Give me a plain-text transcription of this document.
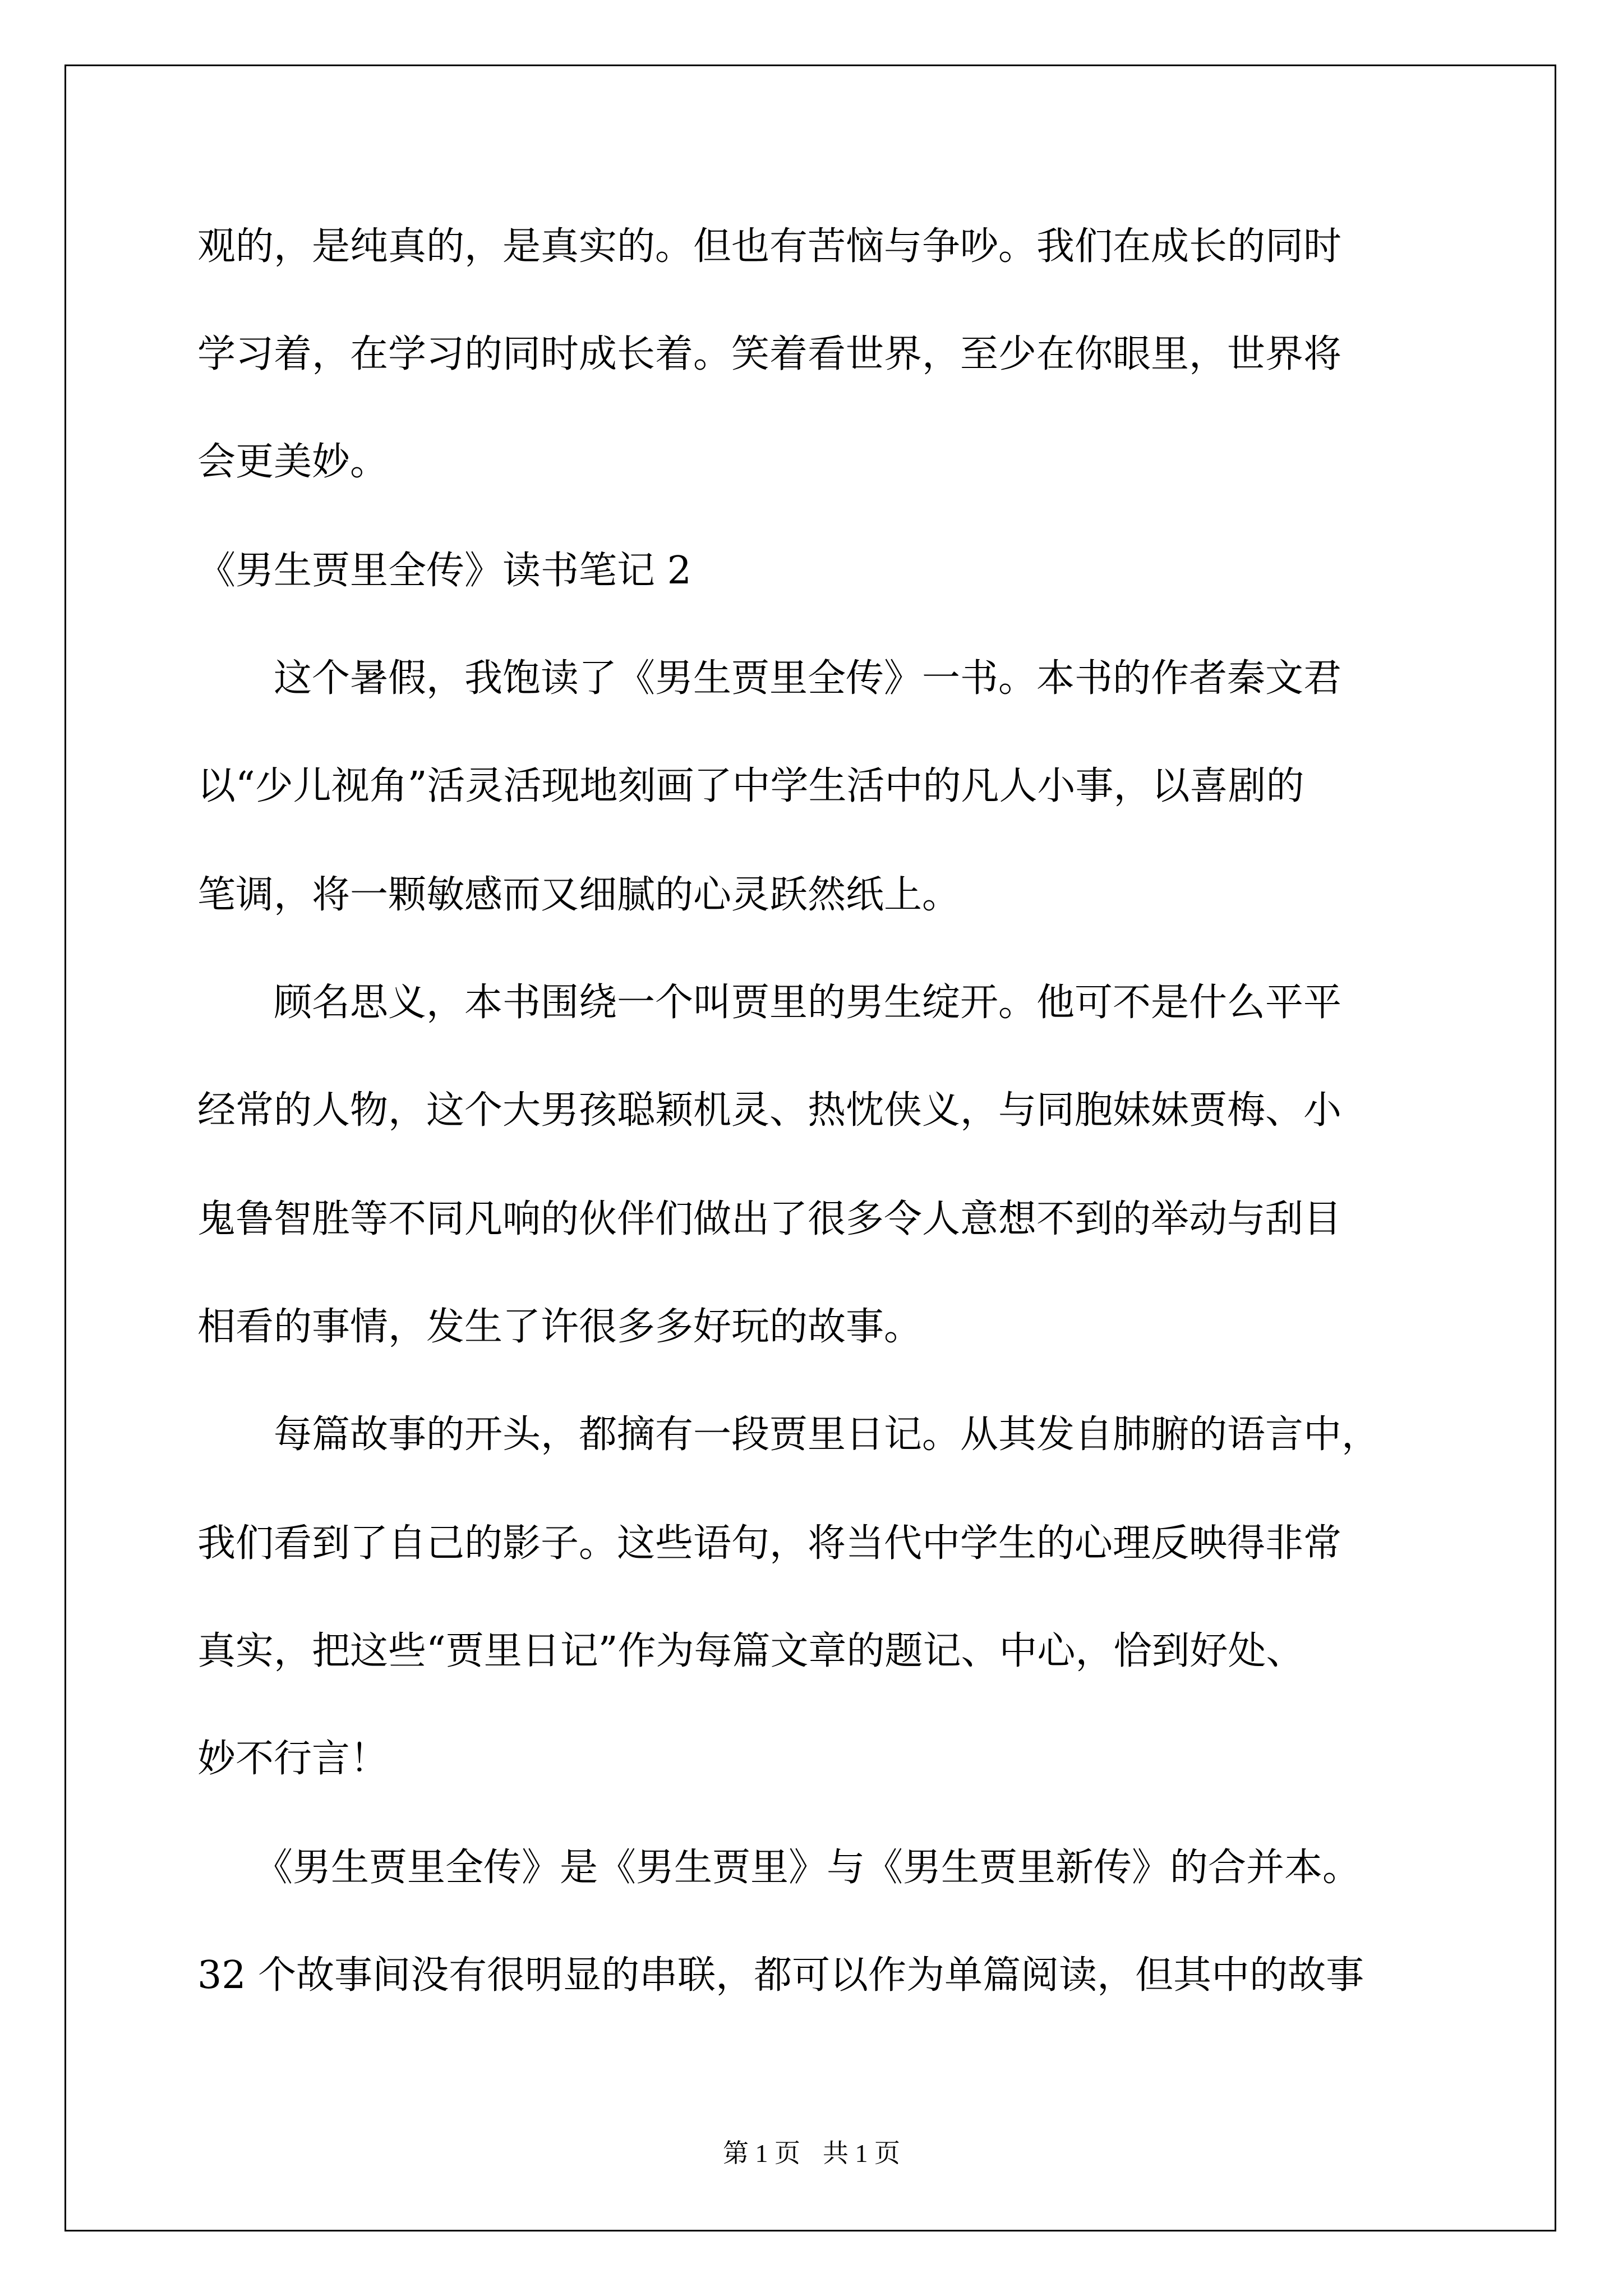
观的，是纯真的，是真实的。但也有苦恼与争吵。我们在成长的同时

学习着，在学习的同时成长着。笑着看世界，至少在你眼里，世界将

会更美妙。

《男生贾里全传》读书笔记 2

　　这个暑假，我饱读了《男生贾里全传》一书。本书的作者秦文君

以“少儿视角”活灵活现地刻画了中学生活中的凡人小事，以喜剧的

笔调，将一颗敏感而又细腻的心灵跃然纸上。

　　顾名思义，本书围绕一个叫贾里的男生绽开。他可不是什么平平

经常的人物，这个大男孩聪颖机灵、热忱侠义，与同胞妹妹贾梅、小

鬼鲁智胜等不同凡响的伙伴们做出了很多令人意想不到的举动与刮目

相看的事情，发生了许很多多好玩的故事。

　　每篇故事的开头，都摘有一段贾里日记。从其发自肺腑的语言中，

我们看到了自己的影子。这些语句，将当代中学生的心理反映得非常

真实，把这些“贾里日记”作为每篇文章的题记、中心，恰到好处、

妙不行言！

　　《男生贾里全传》是《男生贾里》与《男生贾里新传》的合并本。

32 个故事间没有很明显的串联，都可以作为单篇阅读，但其中的故事

第 1 页 共 1 页
